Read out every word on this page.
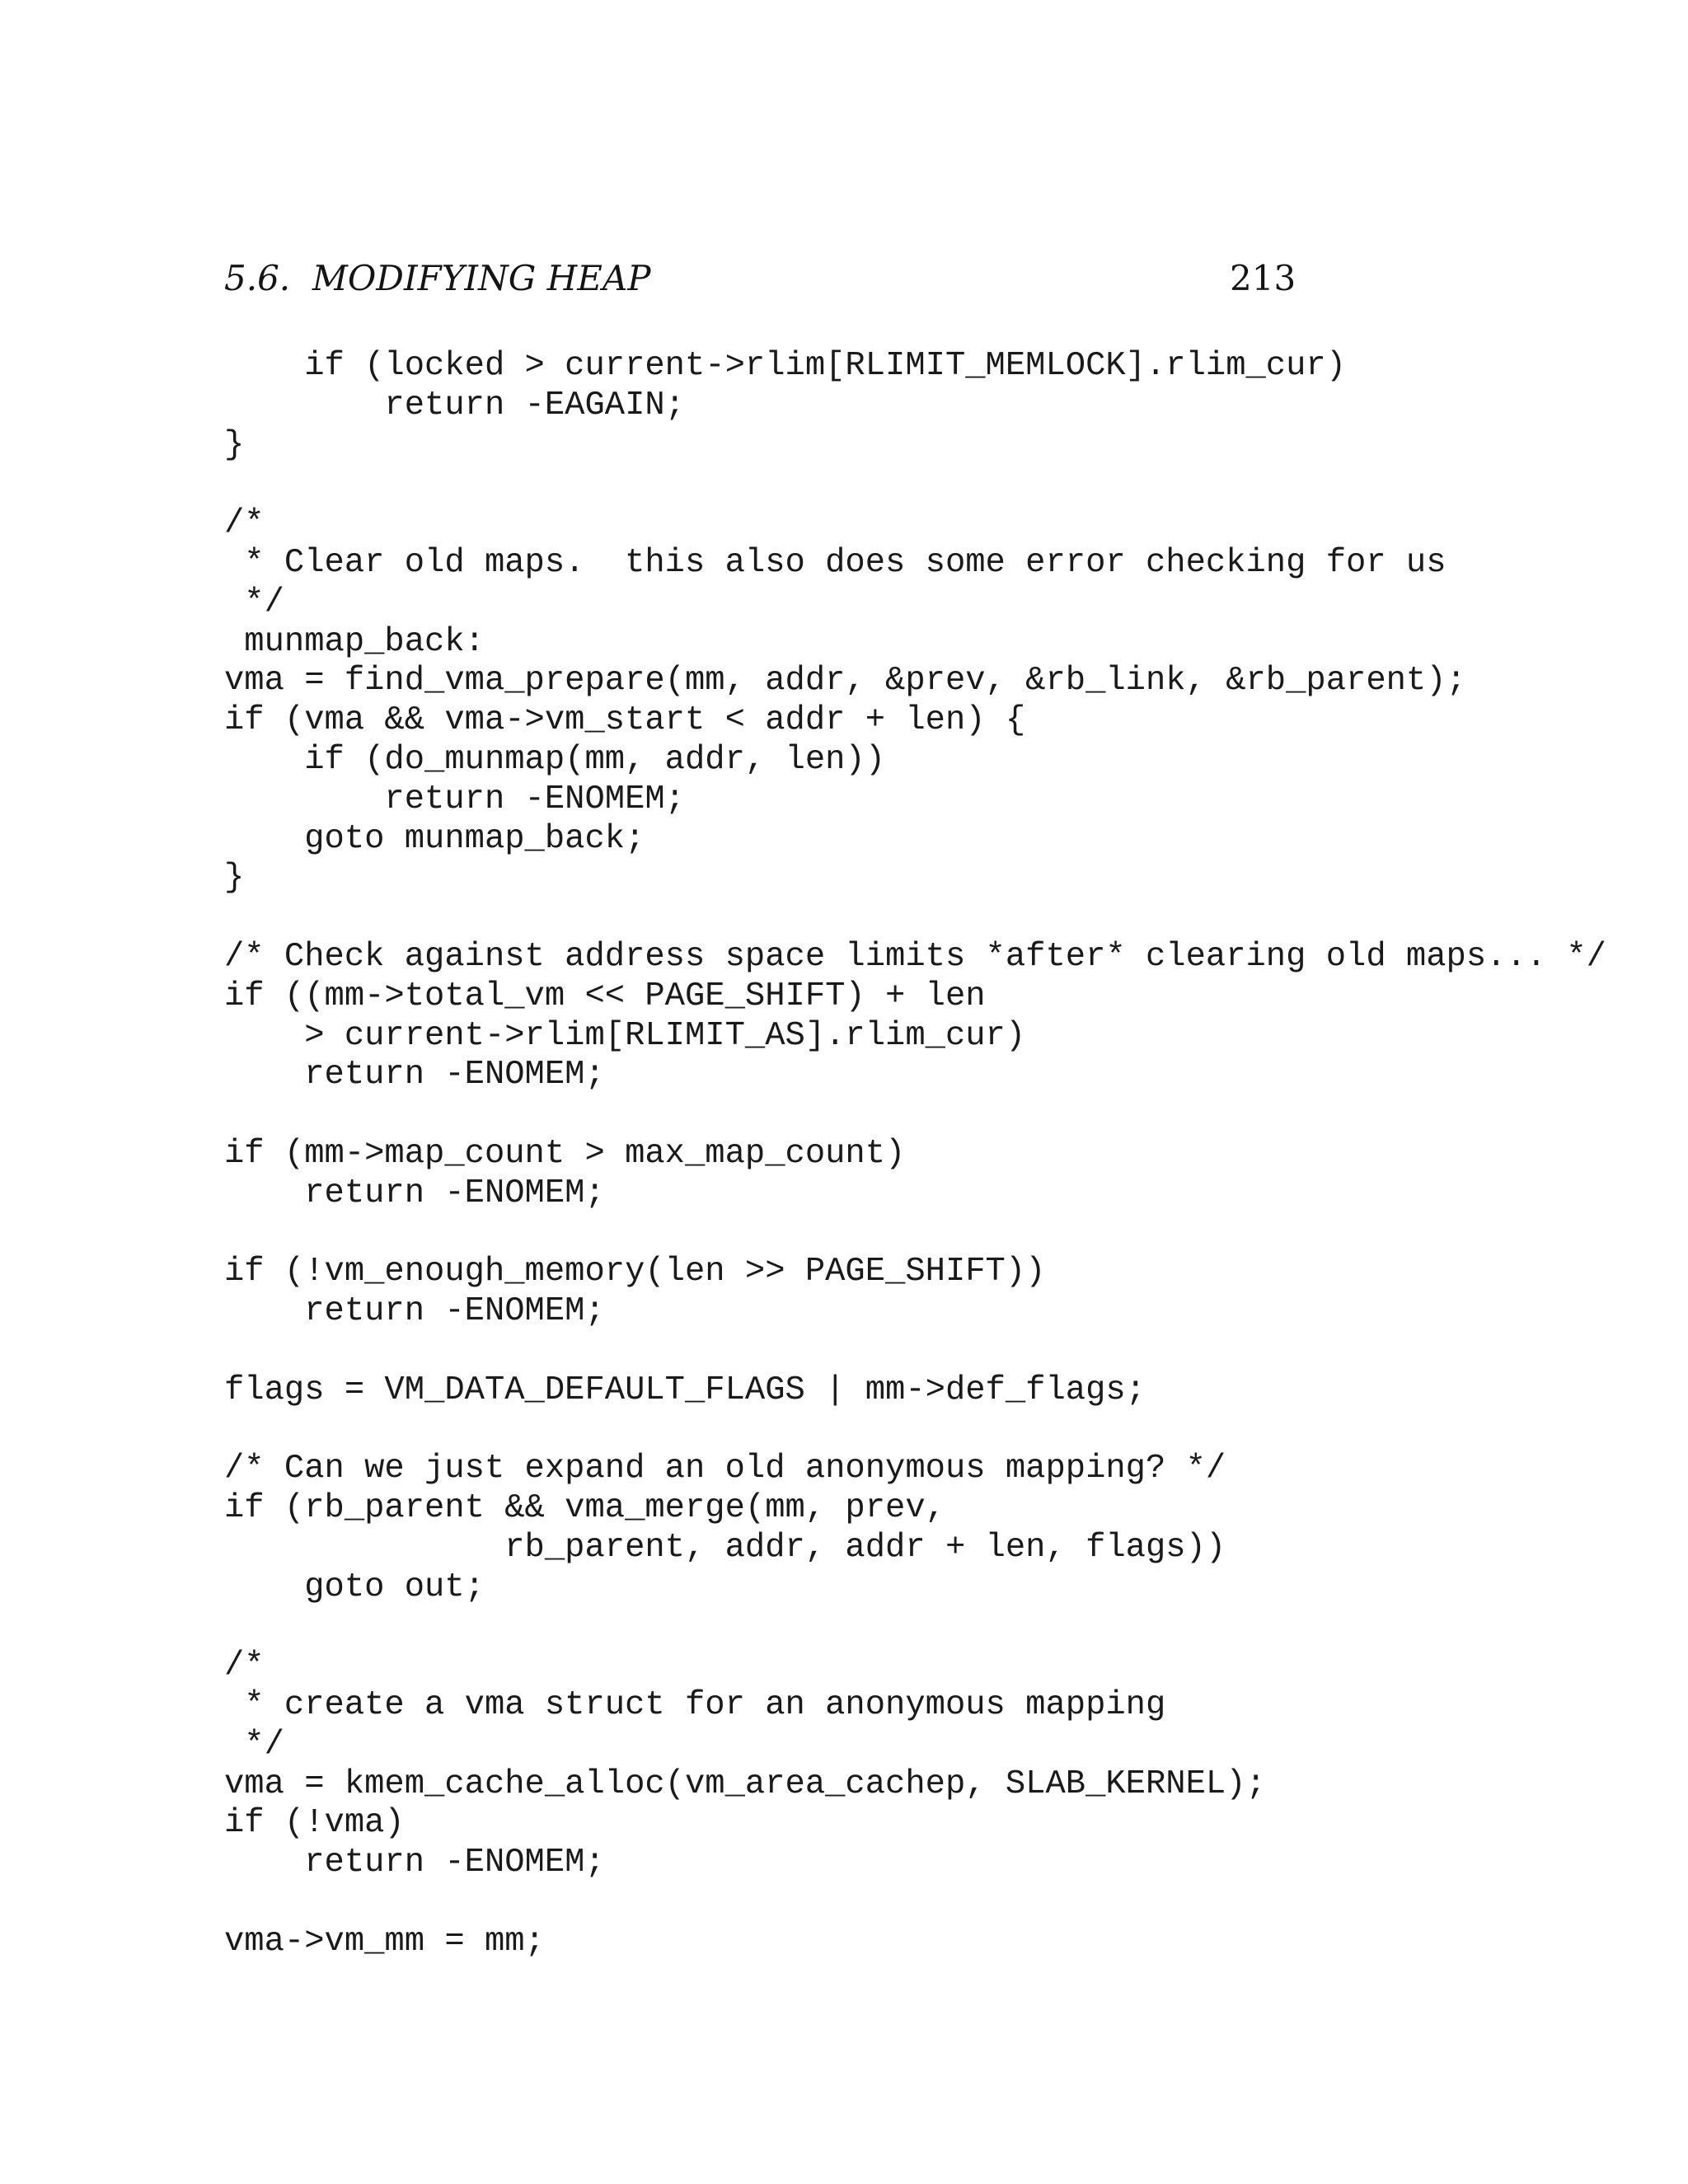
5.6.  MODIFYING HEAP	213
if (locked > current->rlim[RLIMIT_MEMLOCK].rlim_cur)
return -EAGAIN;
}
/*
* Clear old maps.  this also does some error checking for us
*/
munmap_back:
vma = find_vma_prepare(mm, addr, &prev, &rb_link, &rb_parent);
if (vma && vma->vm_start < addr + len) {
if (do_munmap(mm, addr, len))
return -ENOMEM;
goto munmap_back;
}
/* Check against address space limits *after* clearing old maps... */
if ((mm->total_vm << PAGE_SHIFT) + len
> current->rlim[RLIMIT_AS].rlim_cur)
return -ENOMEM;
if (mm->map_count > max_map_count)
return -ENOMEM;
if (!vm_enough_memory(len >> PAGE_SHIFT))
return -ENOMEM;
flags = VM_DATA_DEFAULT_FLAGS | mm->def_flags;
/* Can we just expand an old anonymous mapping? */
if (rb_parent && vma_merge(mm, prev,
rb_parent, addr, addr + len, flags))
goto out;
/*
* create a vma struct for an anonymous mapping
*/
vma = kmem_cache_alloc(vm_area_cachep, SLAB_KERNEL);
if (!vma)
return -ENOMEM;
vma->vm_mm = mm;
